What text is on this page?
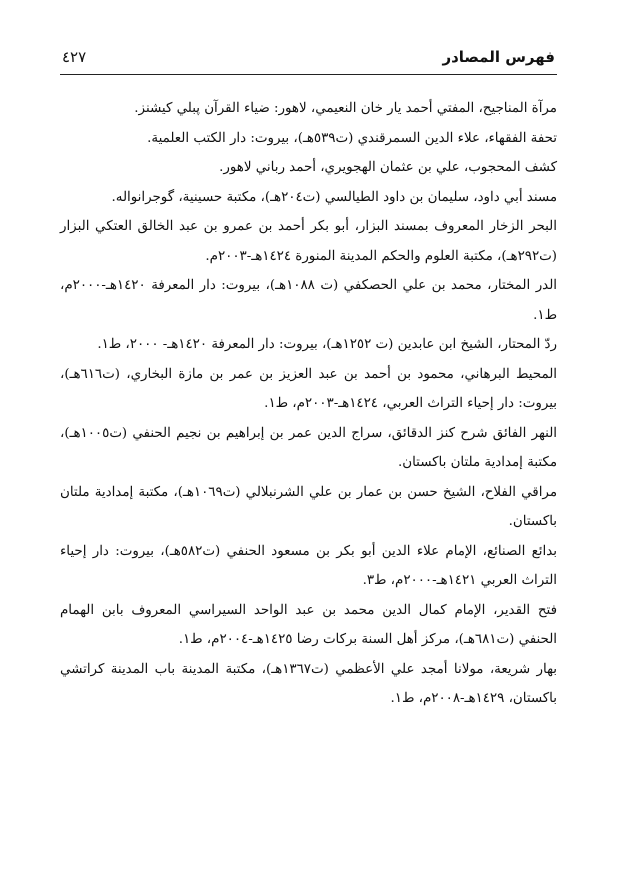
فهرس المصادر
٤٢٧

مرآة المناجيح، المفتي أحمد يار خان النعيمي، لاهور: ضياء القرآن پبلي كيشنز.

تحفة الفقهاء، علاء الدين السمرقندي (ت٥٣٩هـ)، بيروت: دار الكتب العلمية.

كشف المحجوب، علي بن عثمان الهجويري، أحمد رباني لاهور.

مسند أبي داود، سليمان بن داود الطيالسي (ت٢٠٤هـ)، مكتبة حسينية، گوجرانواله.

البحر الزخار المعروف بمسند البزار، أبو بكر أحمد بن عمرو بن عبد الخالق العتكي البزار (ت٢٩٢هـ)، مكتبة العلوم والحكم المدينة المنورة ١٤٢٤هـ-٢٠٠٣م.

الدر المختار، محمد بن علي الحصكفي (ت ١٠٨٨هـ)، بيروت: دار المعرفة ١٤٢٠هـ-٢٠٠٠م، ط١.

ردّ المحتار، الشيخ ابن عابدين (ت ١٢٥٢هـ)، بيروت: دار المعرفة ١٤٢٠هـ- ٢٠٠٠، ط١.

المحيط البرهاني، محمود بن أحمد بن عبد العزيز بن عمر بن مازة البخاري، (ت٦١٦هـ)، بيروت: دار إحياء التراث العربي، ١٤٢٤هـ-٢٠٠٣م، ط١.

النهر الفائق شرح كنز الدقائق، سراج الدين عمر بن إبراهيم بن نجيم الحنفي (ت١٠٠٥هـ)، مكتبة إمدادية ملتان باكستان.

مراقي الفلاح، الشيخ حسن بن عمار بن علي الشرنبلالي (ت١٠٦٩هـ)، مكتبة إمدادية ملتان باكستان.

بدائع الصنائع، الإمام علاء الدين أبو بكر بن مسعود الحنفي (ت٥٨٢هـ)، بيروت: دار إحياء التراث العربي ١٤٢١هـ-٢٠٠٠م، ط٣.

فتح القدير، الإمام كمال الدين محمد بن عبد الواحد السيراسي المعروف بابن الهمام الحنفي (ت٦٨١هـ)، مركز أهل السنة بركات رضا ١٤٢٥هـ-٢٠٠٤م، ط١.

بهار شريعة، مولانا أمجد علي الأعظمي (ت١٣٦٧هـ)، مكتبة المدينة باب المدينة كراتشي باكستان، ١٤٢٩هـ-٢٠٠٨م، ط١.
